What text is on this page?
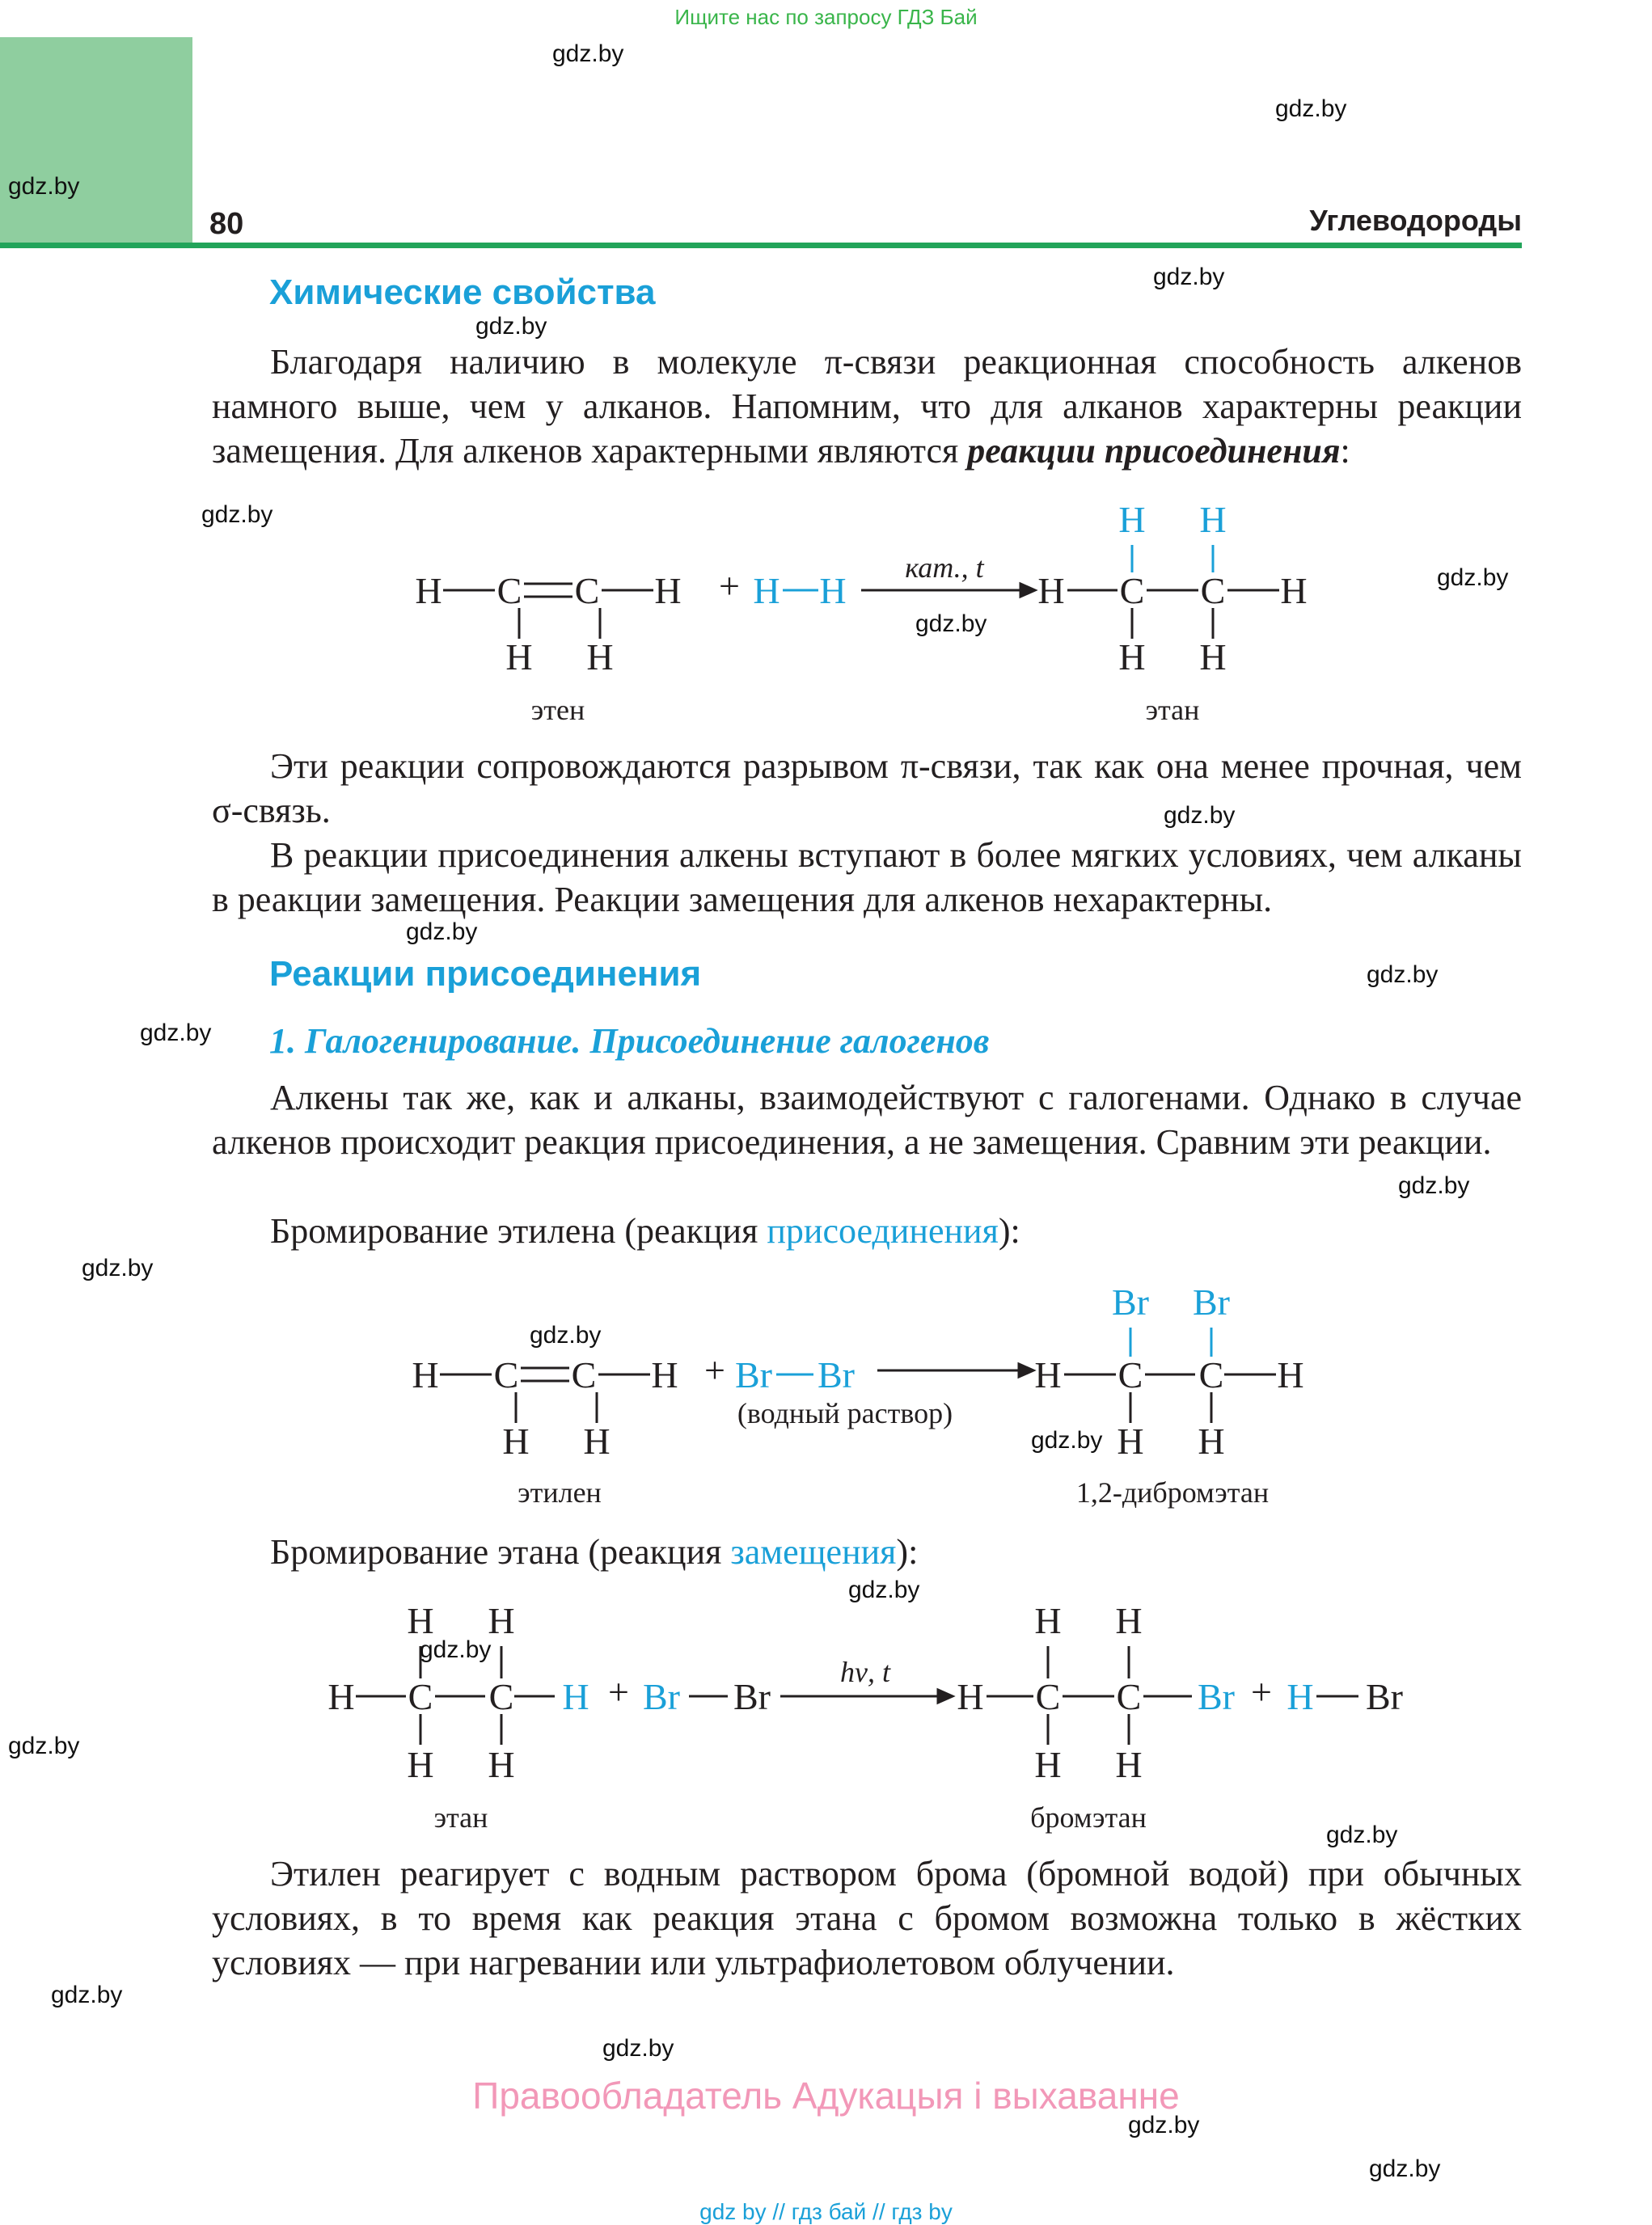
Ищите нас по запросу ГДЗ Бай
80	Углеводороды
Химические свойства
Благодаря наличию в молекуле π-связи реакционная способность алкенов намного выше, чем у алканов. Напомним, что для алканов характерны реакции замещения. Для алкенов характерными являются реакции присоединения:
H C C H
H H
этен
+ H H
кат., t
H C C H
H H
H H
этан
Эти реакции сопровождаются разрывом π-связи, так как она менее прочная, чем σ-связь.
В реакции присоединения алкены вступают в более мягких условиях, чем алканы в реакции замещения. Реакции замещения для алкенов нехарактерны.
Реакции присоединения
1. Галогенирование. Присоединение галогенов
Алкены так же, как и алканы, взаимодействуют с галогенами. Однако в случае алкенов происходит реакция присоединения, а не замещения. Сравним эти реакции.
Бромирование этилена (реакция присоединения):
H C C H
H H
этилен
+ Br Br
(водный раствор)
H C C H
Br Br
H H
1,2-дибромэтан
Бромирование этана (реакция замещения):
H C C H
H H
H H
этан
+ Br Br
hν, t
H C C Br
H H
H H
бромэтан
+ H Br
Этилен реагирует с водным раствором брома (бромной водой) при обычных условиях, в то время как реакция этана с бромом возможна только в жёстких условиях — при нагревании или ультрафиолетовом облучении.
gdz.by
gdz.by
gdz.by
gdz.by
gdz.by
gdz.by
gdz.by
gdz.by
gdz.by
gdz.by
gdz.by
gdz.by
gdz.by
gdz.by
gdz.by
gdz.by
gdz.by
gdz.by
gdz.by
gdz.by
gdz.by
gdz.by
gdz.by
gdz.by
Правообладатель Адукацыя і выхаванне
gdz by // гдз бай // гдз by
